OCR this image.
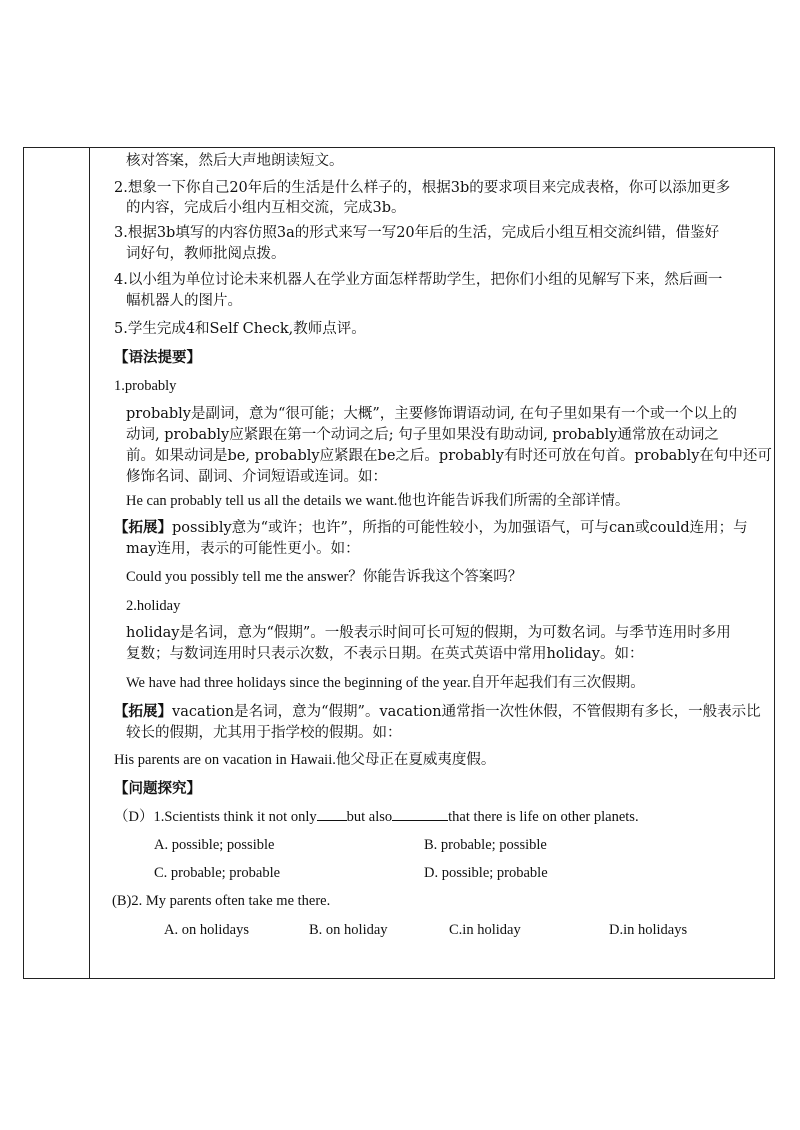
核对答案，然后大声地朗读短文。
2.想象一下你自己20年后的生活是什么样子的，根据3b的要求项目来完成表格，你可以添加更多
的内容，完成后小组内互相交流，完成3b。
3.根据3b填写的内容仿照3a的形式来写一写20年后的生活，完成后小组互相交流纠错，借鉴好
词好句，教师批阅点拨。
4.以小组为单位讨论未来机器人在学业方面怎样帮助学生，把你们小组的见解写下来，然后画一
幅机器人的图片。
5.学生完成4和Self Check,教师点评。
【语法提要】
1.probably
probably是副词，意为“很可能；大概”，主要修饰谓语动词, 在句子里如果有一个或一个以上的
动词, probably应紧跟在第一个动词之后; 句子里如果没有助动词, probably通常放在动词之
前。如果动词是be, probably应紧跟在be之后。probably有时还可放在句首。probably在句中还可
修饰名词、副词、介词短语或连词。如：
He can probably tell us all the details we want.他也许能告诉我们所需的全部详情。
【拓展】possibly意为“或许；也许”，所指的可能性较小，为加强语气，可与can或could连用；与
may连用，表示的可能性更小。如：
Could you possibly tell me the answer？你能告诉我这个答案吗？
2.holiday
holiday是名词，意为“假期”。一般表示时间可长可短的假期，为可数名词。与季节连用时多用
复数；与数词连用时只表示次数，不表示日期。在英式英语中常用holiday。如：
We have had three holidays since the beginning of the year.自开年起我们有三次假期。
【拓展】vacation是名词，意为“假期”。vacation通常指一次性休假，不管假期有多长，一般表示比
较长的假期，尤其用于指学校的假期。如：
His parents are on vacation in Hawaii.他父母正在夏威夷度假。
【问题探究】
（D）1.Scientists think it not only but also	that there is life on other planets.
A. possible; possible	B. probable; possible
C. probable; probable	D. possible; probable
(B)2. My parents often take me there.
A. on holidays	B. on holiday	C.in holiday	D.in holidays
